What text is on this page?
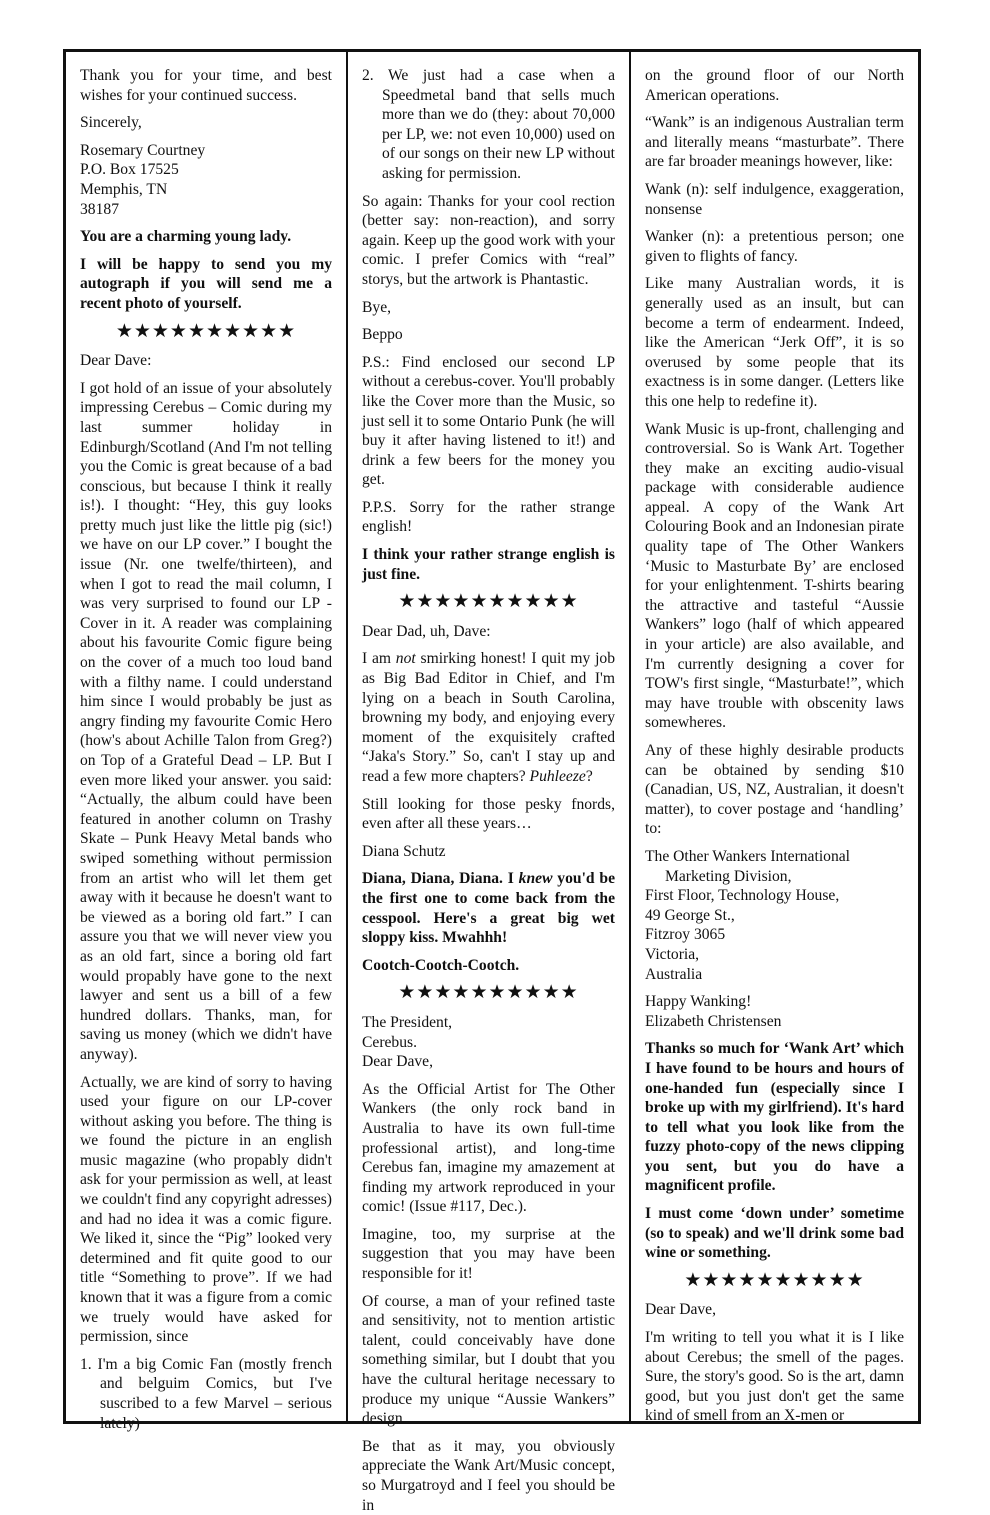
Thank you for your time, and best wishes for your continued success.

Sincerely,

Rosemary Courtney
P.O. Box 17525
Memphis, TN
38187

You are a charming young lady.

I will be happy to send you my autograph if you will send me a recent photo of yourself.

★★★★★★★★★★

Dear Dave:

I got hold of an issue of your absolutely impressing Cerebus – Comic during my last summer holiday in Edinburgh/Scotland (And I'm not telling you the Comic is great because of a bad conscious, but because I think it really is!). I thought: “Hey, this guy looks pretty much just like the little pig (sic!) we have on our LP cover.” I bought the issue (Nr. one twelfe/thirteen), and when I got to read the mail column, I was very surprised to found our LP - Cover in it. A reader was complaining about his favourite Comic figure being on the cover of a much too loud band with a filthy name. I could understand him since I would probably be just as angry finding my favourite Comic Hero (how's about Achille Talon from Greg?) on Top of a Grateful Dead – LP. But I even more liked your answer. you said: “Actually, the album could have been featured in another column on Trashy Skate – Punk Heavy Metal bands who swiped something without permission from an artist who will let them get away with it because he doesn't want to be viewed as a boring old fart.” I can assure you that we will never view you as an old fart, since a boring old fart would propably have gone to the next lawyer and sent us a bill of a few hundred dollars. Thanks, man, for saving us money (which we didn't have anyway).

Actually, we are kind of sorry to having used your figure on our LP-cover without asking you before. The thing is we found the picture in an english music magazine (who propably didn't ask for your permission as well, at least we couldn't find any copyright adresses) and had no idea it was a comic figure. We liked it, since the “Pig” looked very determined and fit quite good to our title “Something to prove”. If we had known that it was a figure from a comic we truely would have asked for permission, since

1. I'm a big Comic Fan (mostly french and belguim Comics, but I've suscribed to a few Marvel – serious lately)

2. We just had a case when a Speedmetal band that sells much more than we do (they: about 70,000 per LP, we: not even 10,000) used on of our songs on their new LP without asking for permission.

So again: Thanks for your cool rection (better say: non-reaction), and sorry again. Keep up the good work with your comic. I prefer Comics with “real” storys, but the artwork is Phantastic.

Bye,

Beppo

P.S.: Find enclosed our second LP without a cerebus-cover. You'll probably like the Cover more than the Music, so just sell it to some Ontario Punk (he will buy it after having listened to it!) and drink a few beers for the money you get.

P.P.S. Sorry for the rather strange english!

I think your rather strange english is just fine.

★★★★★★★★★★

Dear Dad, uh, Dave:

I am not smirking honest! I quit my job as Big Bad Editor in Chief, and I'm lying on a beach in South Carolina, browning my body, and enjoying every moment of the exquisitely crafted “Jaka's Story.” So, can't I stay up and read a few more chapters? Puhleeze?

Still looking for those pesky fnords, even after all these years…

Diana Schutz

Diana, Diana, Diana. I knew you'd be the first one to come back from the cesspool. Here's a great big wet sloppy kiss. Mwahhh!

Cootch-Cootch-Cootch.

★★★★★★★★★★

The President,
Cerebus.
Dear Dave,

As the Official Artist for The Other Wankers (the only rock band in Australia to have its own full-time professional artist), and long-time Cerebus fan, imagine my amazement at finding my artwork reproduced in your comic! (Issue #117, Dec.).

Imagine, too, my surprise at the suggestion that you may have been responsible for it!

Of course, a man of your refined taste and sensitivity, not to mention artistic talent, could conceivably have done something similar, but I doubt that you have the cultural heritage necessary to produce my unique “Aussie Wankers” design.

Be that as it may, you obviously appreciate the Wank Art/Music concept, so Murgatroyd and I feel you should be in

on the ground floor of our North American operations.

“Wank” is an indigenous Australian term and literally means “masturbate”. There are far broader meanings however, like:

Wank (n): self indulgence, exaggeration, nonsense

Wanker (n): a pretentious person; one given to flights of fancy.

Like many Australian words, it is generally used as an insult, but can become a term of endearment. Indeed, like the American “Jerk Off”, it is so overused by some people that its exactness is in some danger. (Letters like this one help to redefine it).

Wank Music is up-front, challenging and controversial. So is Wank Art. Together they make an exciting audio-visual package with considerable audience appeal. A copy of the Wank Art Colouring Book and an Indonesian pirate quality tape of The Other Wankers ‘Music to Masturbate By’ are enclosed for your enlightenment. T-shirts bearing the attractive and tasteful “Aussie Wankers” logo (half of which appeared in your article) are also available, and I'm currently designing a cover for TOW's first single, “Masturbate!”, which may have trouble with obscenity laws somewheres.

Any of these highly desirable products can be obtained by sending $10 (Canadian, US, NZ, Australian, it doesn't matter), to cover postage and ‘handling’ to:

The Other Wankers International Marketing Division,
First Floor, Technology House,
49 George St.,
Fitzroy 3065
Victoria,
Australia

Happy Wanking!
Elizabeth Christensen

Thanks so much for ‘Wank Art’ which I have found to be hours and hours of one-handed fun (especially since I broke up with my girlfriend). It's hard to tell what you look like from the fuzzy photo-copy of the news clipping you sent, but you do have a magnificent profile.

I must come ‘down under’ sometime (so to speak) and we'll drink some bad wine or something.

★★★★★★★★★★

Dear Dave,

I'm writing to tell you what it is I like about Cerebus; the smell of the pages. Sure, the story's good. So is the art, damn good, but you just don't get the same kind of smell from an X-men or
